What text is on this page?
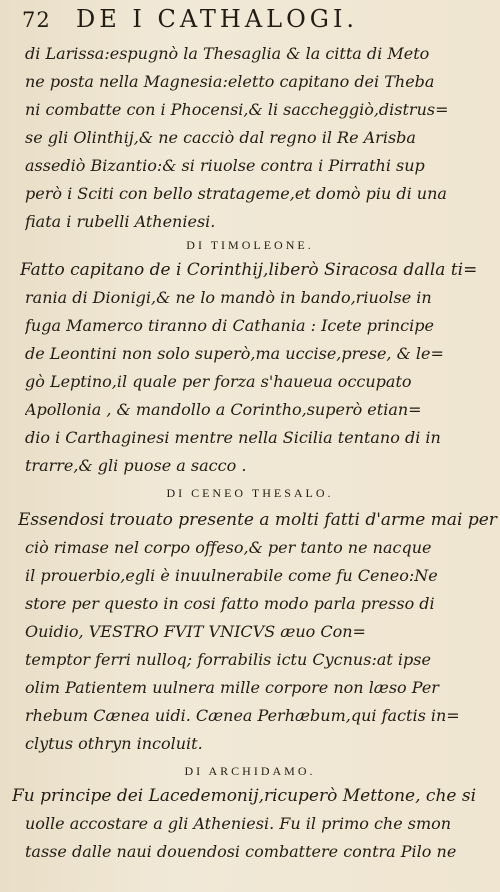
72 DE I CATHALOGI.
di Larissa:espugnò la Thesaglia & la citta di Meto
ne posta nella Magnesia:eletto capitano dei Theba
ni combatte con i Phocensi,& li saccheggiò,distrus=
se gli Olinthij,& ne cacciò dal regno il Re Arisba
assediò Bizantio:& si riuolse contra i Pirrathi sup
però i Sciti con bello stratageme,et domò piu di una
fiata i rubelli Atheniesi.
DI TIMOLEONE.
Fatto capitano de i Corinthij,liberò Siracosa dalla ti=
rania di Dionigi,& ne lo mandò in bando,riuolse in
fuga Mamerco tiranno di Cathania : Icete principe
de Leontini non solo superò,ma uccise,prese, & le=
gò Leptino,il quale per forza s'haueua occupato
Apollonia , & mandollo a Corintho,superò etian=
dio i Carthaginesi mentre nella Sicilia tentano di in
trarre,& gli puose a sacco .
DI CENEO THESALO.
Essendosi trouato presente a molti fatti d'arme mai per
ciò rimase nel corpo offeso,& per tanto ne nacque
il prouerbio,egli è inuulnerabile come fu Ceneo:Ne
store per questo in cosi fatto modo parla presso di
Ouidio, VESTRO FVIT VNICVS æuo Con=
temptor ferri nulloq; forrabilis ictu Cycnus:at ipse
olim Patientem uulnera mille corpore non læso Per
rhebum Cænea uidi. Cænea Perhæbum,qui factis in=
clytus othryn incoluit.
DI ARCHIDAMO.
Fu principe dei Lacedemonij,ricuperò Mettone, che si
uolle accostare a gli Atheniesi. Fu il primo che smon
tasse dalle naui douendosi combattere contra Pilo ne
